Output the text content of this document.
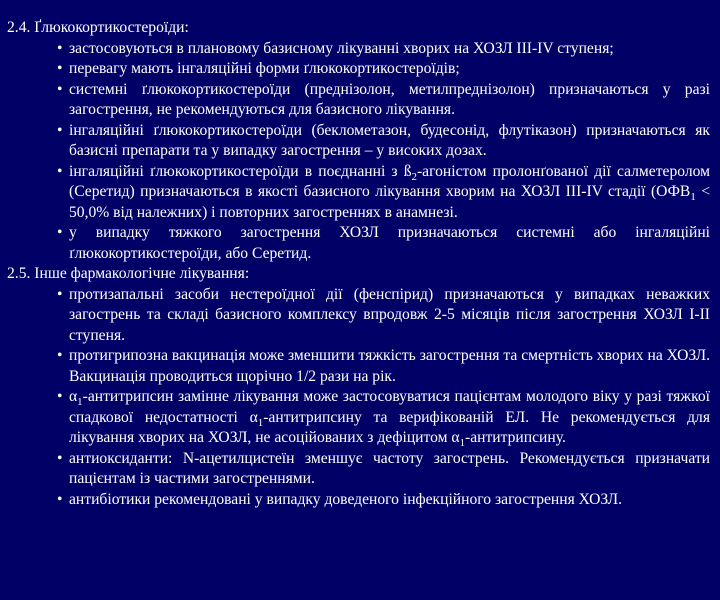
2.4. Ґлюкокортикостероїди:

• застосовуються в плановому базисному лікуванні хворих на ХОЗЛ ІІІ-IV ступеня;
• перевагу мають інгаляційні форми ґлюкокортикостероїдів;
• системні ґлюкокортикостероїди (преднізолон, метилпреднізолон) призначаються у разі загострення, не рекомендуються для базисного лікування.
• інгаляційні ґлюкокортикостероїди (беклометазон, будесонід, флутіказон) призначаються як базисні препарати та у випадку загострення – у високих дозах.
• інгаляційні ґлюкокортикостероїди в поєднанні з $ß_2$-агоністом пролонґованої дії салметеролом (Серетид) призначаються в якості базисного лікування хворим на ХОЗЛ ІІІ-IV стадії ($ОФВ_1 < 50,0\%$ від належних) і повторних загостреннях в анамнезі.
• у випадку тяжкого загострення ХОЗЛ призначаються системні або інгаляційні ґлюкокортикостероїди, або Серетид.

2.5. Інше фармакологічне лікування:

• протизапальні засоби нестероїдної дії (фенспірид) призначаються у випадках неважких загострень та складі базисного комплексу впродовж 2-5 місяців після загострення ХОЗЛ І-ІІ ступеня.
• протигрипозна вакцинація може зменшити тяжкість загострення та смертність хворих на ХОЗЛ. Вакцинація проводиться щорічно 1/2 рази на рік.
• $\alpha_1$-антитрипсин замінне лікування може застосовуватися пацієнтам молодого віку у разі тяжкої спадкової недостатності $\alpha_1$-антитрипсину та верифікованій ЕЛ. Не рекомендується для лікування хворих на ХОЗЛ, не асоційованих з дефіцитом $\alpha_1$-антитрипсину.
• антиоксиданти: N-ацетилцистеїн зменшує частоту загострень. Рекомендується призначати пацієнтам із частими загостреннями.
• антибіотики рекомендовані у випадку доведеного інфекційного загострення ХОЗЛ.
